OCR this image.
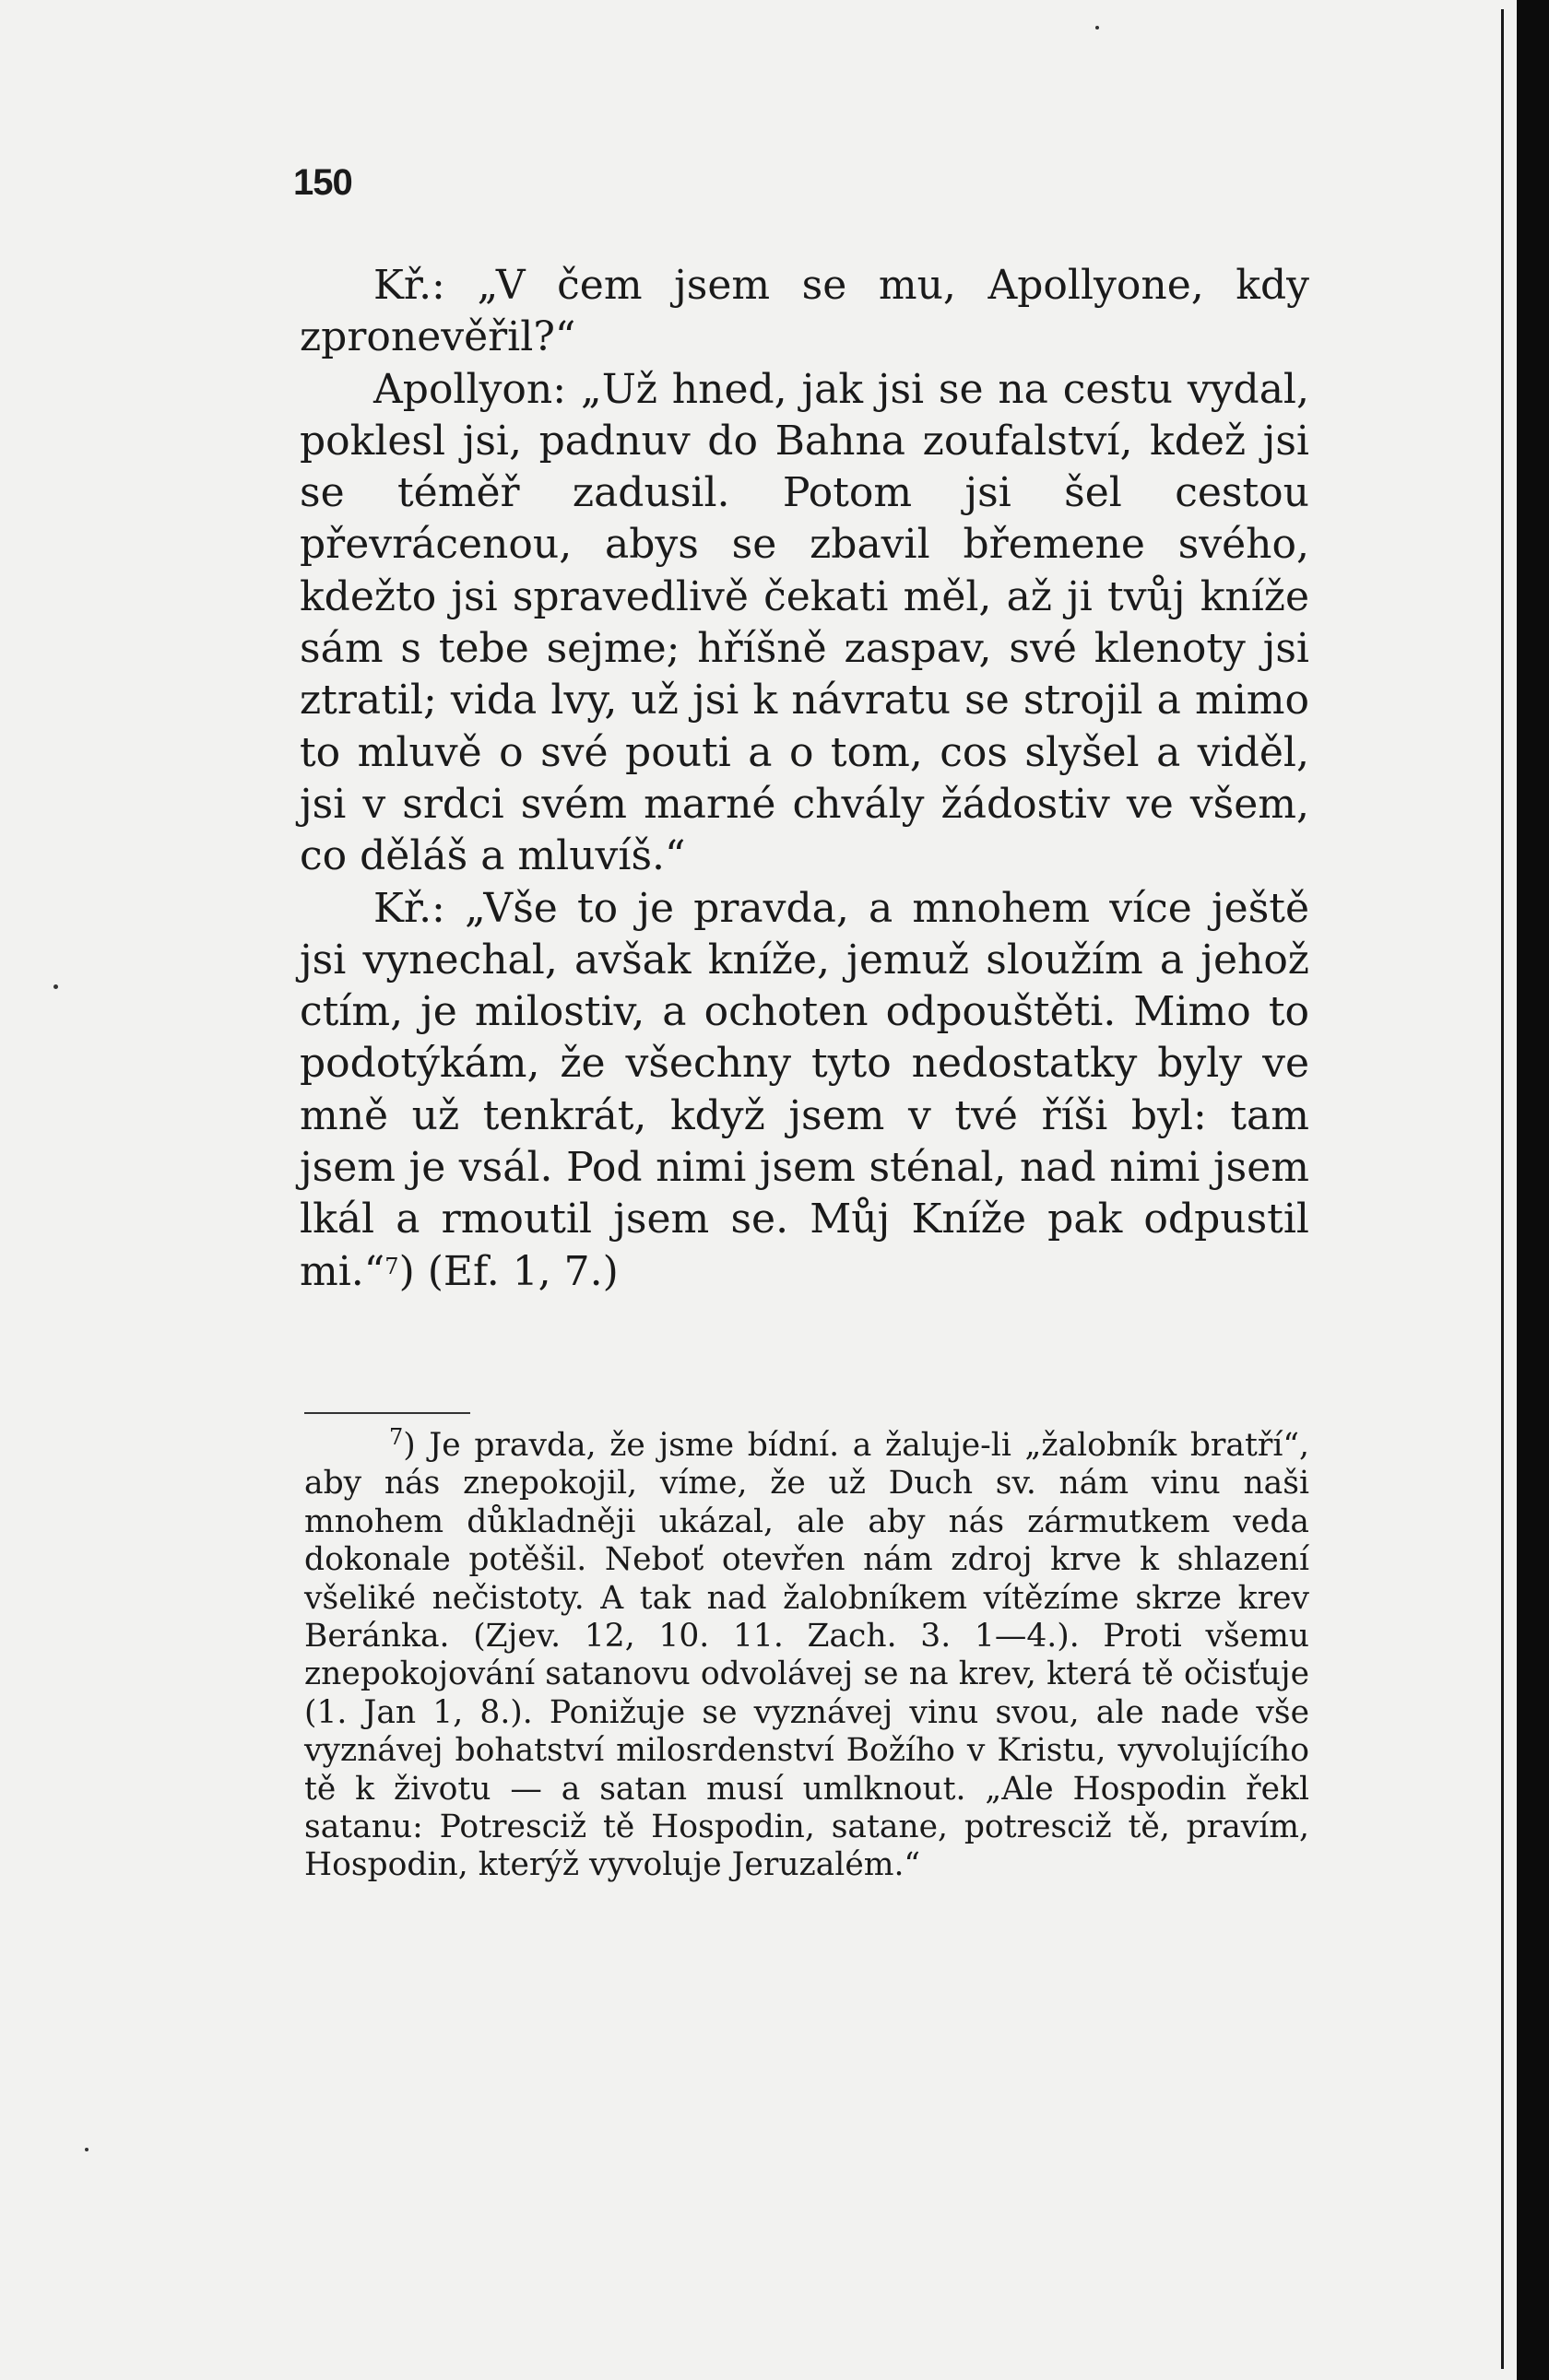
150

Kř.: „V čem jsem se mu, Apollyone, kdy zpronevěřil?“

Apollyon: „Už hned, jak jsi se na cestu vydal, poklesl jsi, padnuv do Bahna zoufalství, kdež jsi se téměř zadusil. Potom jsi šel cestou převrácenou, abys se zbavil břemene svého, kdežto jsi spravedlivě čekati měl, až ji tvůj kníže sám s tebe sejme; hříšně zaspav, své klenoty jsi ztratil; vida lvy, už jsi k návratu se strojil a mimo to mluvě o své pouti a o tom, cos slyšel a viděl, jsi v srdci svém marné chvály žádostiv ve všem, co děláš a mluvíš.“

Kř.: „Vše to je pravda, a mnohem více ještě jsi vynechal, avšak kníže, jemuž sloužím a jehož ctím, je milostiv, a ochoten odpouštěti. Mimo to podotýkám, že všechny tyto nedostatky byly ve mně už tenkrát, když jsem v tvé říši byl: tam jsem je vsál. Pod nimi jsem sténal, nad nimi jsem lkál a rmoutil jsem se. Můj Kníže pak odpustil mi.“$^7$) (Ef. 1, 7.)

$^7$) Je pravda, že jsme bídní. a žaluje-li „žalobník bratří“, aby nás znepokojil, víme, že už Duch sv. nám vinu naši mnohem důkladněji ukázal, ale aby nás zármutkem veda dokonale potěšil. Neboť otevřen nám zdroj krve k shlazení všeliké nečistoty. A tak nad žalobníkem vítězíme skrze krev Beránka. (Zjev. 12, 10. 11. Zach. 3. 1—4.). Proti všemu znepokojování satanovu odvolávej se na krev, která tě očisťuje (1. Jan 1, 8.). Ponižuje se vyznávej vinu svou, ale nade vše vyznávej bohatství milosrdenství Božího v Kristu, vyvolujícího tě k životu — a satan musí umlknout. „Ale Hospodin řekl satanu: Potresciž tě Hospodin, satane, potresciž tě, pravím, Hospodin, kterýž vyvoluje Jeruzalém.“
